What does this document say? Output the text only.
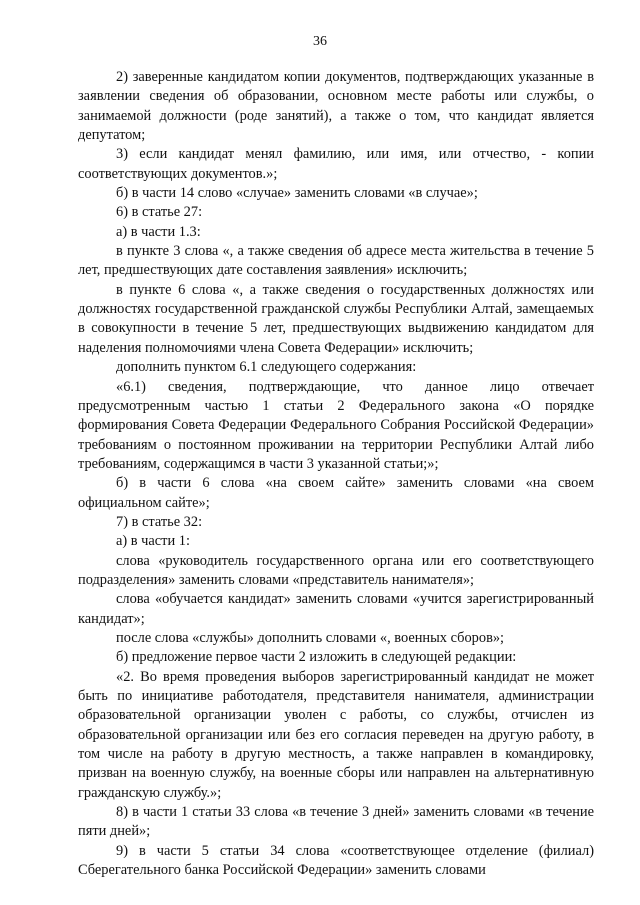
36

2) заверенные кандидатом копии документов, подтверждающих указанные в заявлении сведения об образовании, основном месте работы или службы, о занимаемой должности (роде занятий), а также о том, что кандидат является депутатом;

3) если кандидат менял фамилию, или имя, или отчество, - копии соответствующих документов.»;

б) в части 14 слово «случае» заменить словами «в случае»;

6) в статье 27:

а) в части 1.3:

в пункте 3 слова «, а также сведения об адресе места жительства в течение 5 лет, предшествующих дате составления заявления» исключить;

в пункте 6 слова «, а также сведения о государственных должностях или должностях государственной гражданской службы Республики Алтай, замещаемых в совокупности в течение 5 лет, предшествующих выдвижению кандидатом для наделения полномочиями члена Совета Федерации» исключить;

дополнить пунктом 6.1 следующего содержания:

«6.1) сведения, подтверждающие, что данное лицо отвечает предусмотренным частью 1 статьи 2 Федерального закона «О порядке формирования Совета Федерации Федерального Собрания Российской Федерации» требованиям о постоянном проживании на территории Республики Алтай либо требованиям, содержащимся в части 3 указанной статьи;»;

б) в части 6 слова «на своем сайте» заменить словами «на своем официальном сайте»;

7) в статье 32:

а) в части 1:

слова «руководитель государственного органа или его соответствующего подразделения» заменить словами «представитель нанимателя»;

слова «обучается кандидат» заменить словами «учится зарегистрированный кандидат»;

после слова «службы» дополнить словами «, военных сборов»;

б) предложение первое части 2 изложить в следующей редакции:

«2. Во время проведения выборов зарегистрированный кандидат не может быть по инициативе работодателя, представителя нанимателя, администрации образовательной организации уволен с работы, со службы, отчислен из образовательной организации или без его согласия переведен на другую работу, в том числе на работу в другую местность, а также направлен в командировку, призван на военную службу, на военные сборы или направлен на альтернативную гражданскую службу.»;

8) в части 1 статьи 33 слова «в течение 3 дней» заменить словами «в течение пяти дней»;

9) в части 5 статьи 34 слова «соответствующее отделение (филиал) Сберегательного банка Российской Федерации» заменить словами
